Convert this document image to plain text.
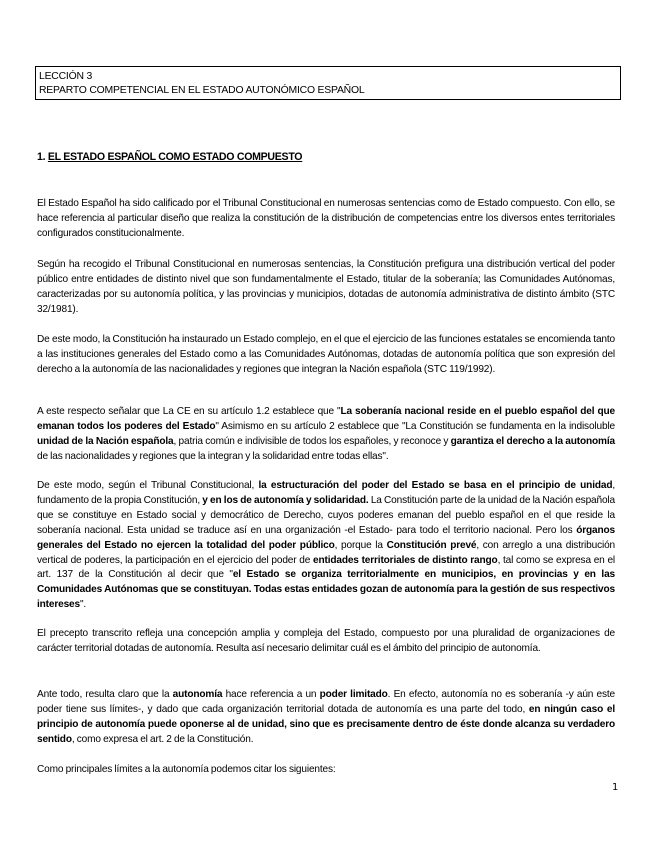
LECCIÓN 3
REPARTO COMPETENCIAL EN EL ESTADO AUTONÓMICO ESPAÑOL
1. EL ESTADO ESPAÑOL COMO ESTADO COMPUESTO
El Estado Español ha sido calificado por el Tribunal Constitucional en numerosas sentencias como de Estado compuesto. Con ello, se hace referencia al particular diseño que realiza la constitución de la distribución de competencias entre los diversos entes territoriales configurados constitucionalmente.
Según ha recogido el Tribunal Constitucional en numerosas sentencias, la Constitución prefigura una distribución vertical del poder público entre entidades de distinto nivel que son fundamentalmente el Estado, titular de la soberanía; las Comunidades Autónomas, caracterizadas por su autonomía política, y las provincias y municipios, dotadas de autonomía administrativa de distinto ámbito (STC 32/1981).
De este modo, la Constitución ha instaurado un Estado complejo, en el que el ejercicio de las funciones estatales se encomienda tanto a las instituciones generales del Estado como a las Comunidades Autónomas, dotadas de autonomía política que son expresión del derecho a la autonomía de las nacionalidades y regiones que integran la Nación española (STC 119/1992).
A este respecto señalar que La CE en su artículo 1.2 establece que "La soberanía nacional reside en el pueblo español del que emanan todos los poderes del Estado" Asimismo en su artículo 2 establece que "La Constitución se fundamenta en la indisoluble unidad de la Nación española, patria común e indivisible de todos los españoles, y reconoce y garantiza el derecho a la autonomía de las nacionalidades y regiones que la integran y la solidaridad entre todas ellas".
De este modo, según el Tribunal Constitucional, la estructuración del poder del Estado se basa en el principio de unidad, fundamento de la propia Constitución, y en los de autonomía y solidaridad. La Constitución parte de la unidad de la Nación española que se constituye en Estado social y democrático de Derecho, cuyos poderes emanan del pueblo español en el que reside la soberanía nacional. Esta unidad se traduce así en una organización -el Estado- para todo el territorio nacional. Pero los órganos generales del Estado no ejercen la totalidad del poder público, porque la Constitución prevé, con arreglo a una distribución vertical de poderes, la participación en el ejercicio del poder de entidades territoriales de distinto rango, tal como se expresa en el art. 137 de la Constitución al decir que "el Estado se organiza territorialmente en municipios, en provincias y en las Comunidades Autónomas que se constituyan. Todas estas entidades gozan de autonomía para la gestión de sus respectivos intereses".
El precepto transcrito refleja una concepción amplia y compleja del Estado, compuesto por una pluralidad de organizaciones de carácter territorial dotadas de autonomía. Resulta así necesario delimitar cuál es el ámbito del principio de autonomía.
Ante todo, resulta claro que la autonomía hace referencia a un poder limitado. En efecto, autonomía no es soberanía -y aún este poder tiene sus límites-, y dado que cada organización territorial dotada de autonomía es una parte del todo, en ningún caso el principio de autonomía puede oponerse al de unidad, sino que es precisamente dentro de éste donde alcanza su verdadero sentido, como expresa el art. 2 de la Constitución.
Como principales límites a la autonomía podemos citar los siguientes:
1
